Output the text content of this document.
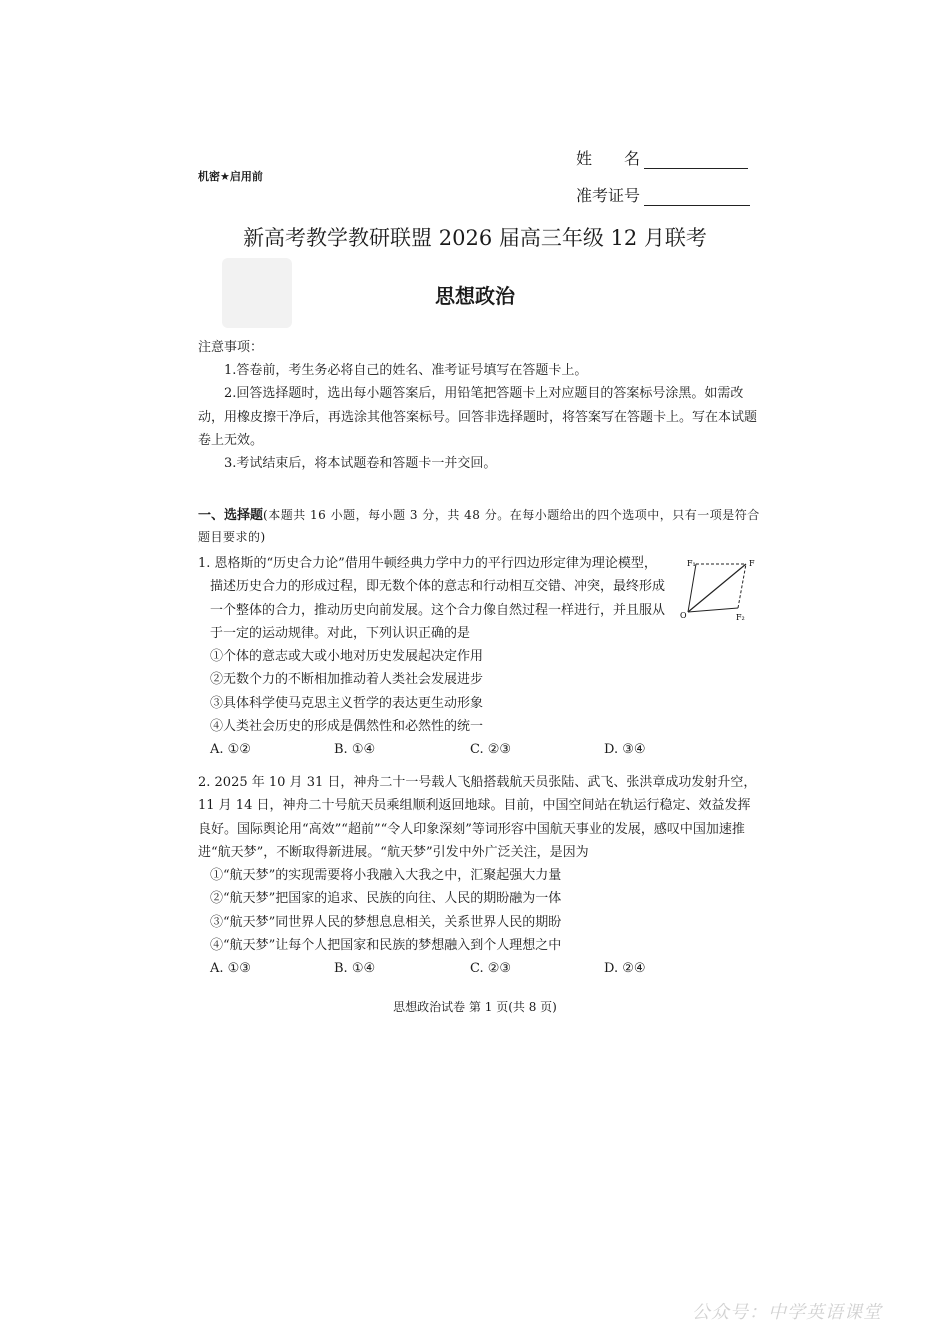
机密★启用前
姓　　名
准考证号
新高考教学教研联盟 2026 届高三年级 12 月联考
思想政治
注意事项：

1.答卷前，考生务必将自己的姓名、准考证号填写在答题卡上。

2.回答选择题时，选出每小题答案后，用铅笔把答题卡上对应题目的答案标号涂黑。如需改动，用橡皮擦干净后，再选涂其他答案标号。回答非选择题时，将答案写在答题卡上。写在本试题卷上无效。

3.考试结束后，将本试题卷和答题卡一并交回。

一、选择题(本题共 16 小题，每小题 3 分，共 48 分。在每小题给出的四个选项中，只有一项是符合题目要求的)
1. 恩格斯的“历史合力论”借用牛顿经典力学中力的平行四边形定律为理论模型，
描述历史合力的形成过程，即无数个体的意志和行动相互交错、冲突，最终形成
一个整体的合力，推动历史向前发展。这个合力像自然过程一样进行，并且服从
于一定的运动规律。对此，下列认识正确的是
①个体的意志或大或小地对历史发展起决定作用
②无数个力的不断相加推动着人类社会发展进步
③具体科学使马克思主义哲学的表达更生动形象
④人类社会历史的形成是偶然性和必然性的统一
A. ①②	B. ①④	C. ②③	D. ③④
F₁	F
O	F₂
2. 2025 年 10 月 31 日，神舟二十一号载人飞船搭载航天员张陆、武飞、张洪章成功发射升空，11 月 14 日，神舟二十号航天员乘组顺利返回地球。目前，中国空间站在轨运行稳定、效益发挥良好。国际舆论用“高效”“超前”“令人印象深刻”等词形容中国航天事业的发展，感叹中国加速推进“航天梦”，不断取得新进展。“航天梦”引发中外广泛关注，是因为
①“航天梦”的实现需要将小我融入大我之中，汇聚起强大力量
②“航天梦”把国家的追求、民族的向往、人民的期盼融为一体
③“航天梦”同世界人民的梦想息息相关，关系世界人民的期盼
④“航天梦”让每个人把国家和民族的梦想融入到个人理想之中
A. ①③	B. ①④	C. ②③	D. ②④
思想政治试卷 第 1 页(共 8 页)
公众号：中学英语课堂
